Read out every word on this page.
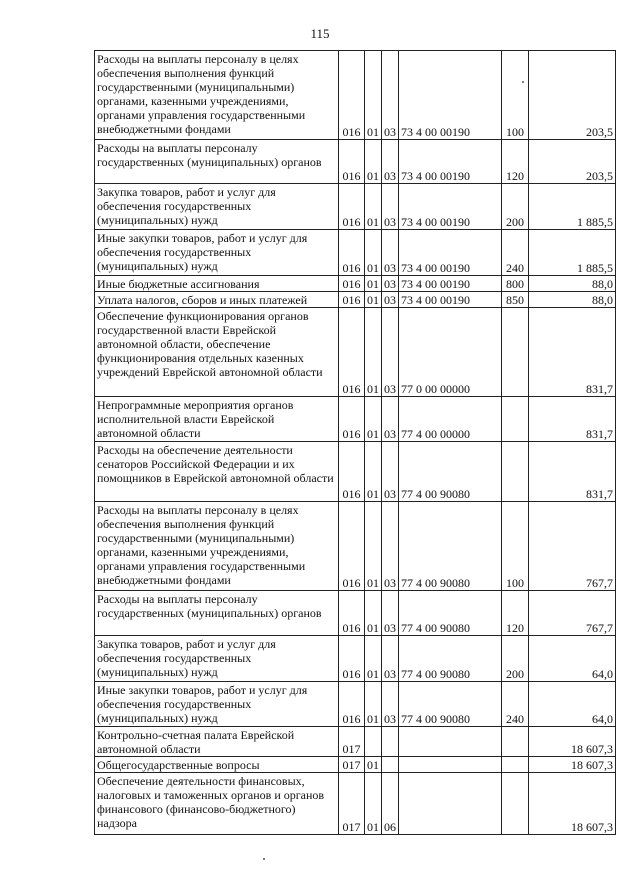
115
Расходы на выплаты персоналу в целях обеспечения выполнения функций государственными (муниципальными) органами, казенными учреждениями, органами управления государственными внебюджетными фондами	016	01	03	73 4 00 00190	100	203,5
Расходы на выплаты персоналу государственных (муниципальных) органов	016	01	03	73 4 00 00190	120	203,5
Закупка товаров, работ и услуг для обеспечения государственных (муниципальных) нужд	016	01	03	73 4 00 00190	200	1 885,5
Иные закупки товаров, работ и услуг для обеспечения государственных (муниципальных) нужд	016	01	03	73 4 00 00190	240	1 885,5
Иные бюджетные ассигнования	016	01	03	73 4 00 00190	800	88,0
Уплата налогов, сборов и иных платежей	016	01	03	73 4 00 00190	850	88,0
Обеспечение функционирования органов государственной власти Еврейской автономной области, обеспечение функционирования отдельных казенных учреждений Еврейской автономной области	016	01	03	77 0 00 00000		831,7
Непрограммные мероприятия органов исполнительной власти Еврейской автономной области	016	01	03	77 4 00 00000		831,7
Расходы на обеспечение деятельности сенаторов Российской Федерации и их помощников в Еврейской автономной области	016	01	03	77 4 00 90080		831,7
Расходы на выплаты персоналу в целях обеспечения выполнения функций государственными (муниципальными) органами, казенными учреждениями, органами управления государственными внебюджетными фондами	016	01	03	77 4 00 90080	100	767,7
Расходы на выплаты персоналу государственных (муниципальных) органов	016	01	03	77 4 00 90080	120	767,7
Закупка товаров, работ и услуг для обеспечения государственных (муниципальных) нужд	016	01	03	77 4 00 90080	200	64,0
Иные закупки товаров, работ и услуг для обеспечения государственных (муниципальных) нужд	016	01	03	77 4 00 90080	240	64,0
Контрольно-счетная палата Еврейской автономной области	017					18 607,3
Общегосударственные вопросы	017	01				18 607,3
Обеспечение деятельности финансовых, налоговых и таможенных органов и органов финансового (финансово-бюджетного) надзора	017	01	06			18 607,3
